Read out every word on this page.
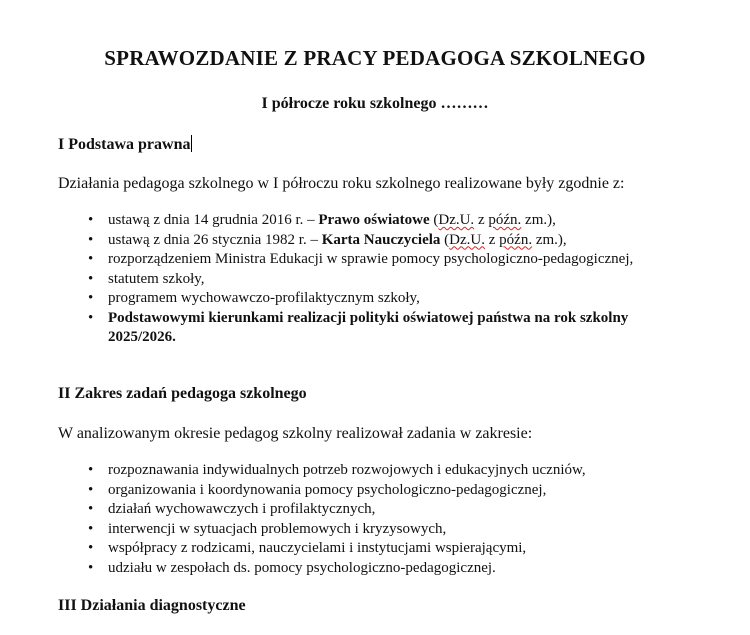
SPRAWOZDANIE Z PRACY PEDAGOGA SZKOLNEGO
I półrocze roku szkolnego ………
I Podstawa prawna
Działania pedagoga szkolnego w I półroczu roku szkolnego realizowane były zgodnie z:
• ustawą z dnia 14 grudnia 2016 r. – Prawo oświatowe (Dz.U. z późn. zm.),
• ustawą z dnia 26 stycznia 1982 r. – Karta Nauczyciela (Dz.U. z późn. zm.),
• rozporządzeniem Ministra Edukacji w sprawie pomocy psychologiczno-pedagogicznej,
• statutem szkoły,
• programem wychowawczo-profilaktycznym szkoły,
• Podstawowymi kierunkami realizacji polityki oświatowej państwa na rok szkolny 2025/2026.
II Zakres zadań pedagoga szkolnego
W analizowanym okresie pedagog szkolny realizował zadania w zakresie:
• rozpoznawania indywidualnych potrzeb rozwojowych i edukacyjnych uczniów,
• organizowania i koordynowania pomocy psychologiczno-pedagogicznej,
• działań wychowawczych i profilaktycznych,
• interwencji w sytuacjach problemowych i kryzysowych,
• współpracy z rodzicami, nauczycielami i instytucjami wspierającymi,
• udziału w zespołach ds. pomocy psychologiczno-pedagogicznej.
III Działania diagnostyczne
